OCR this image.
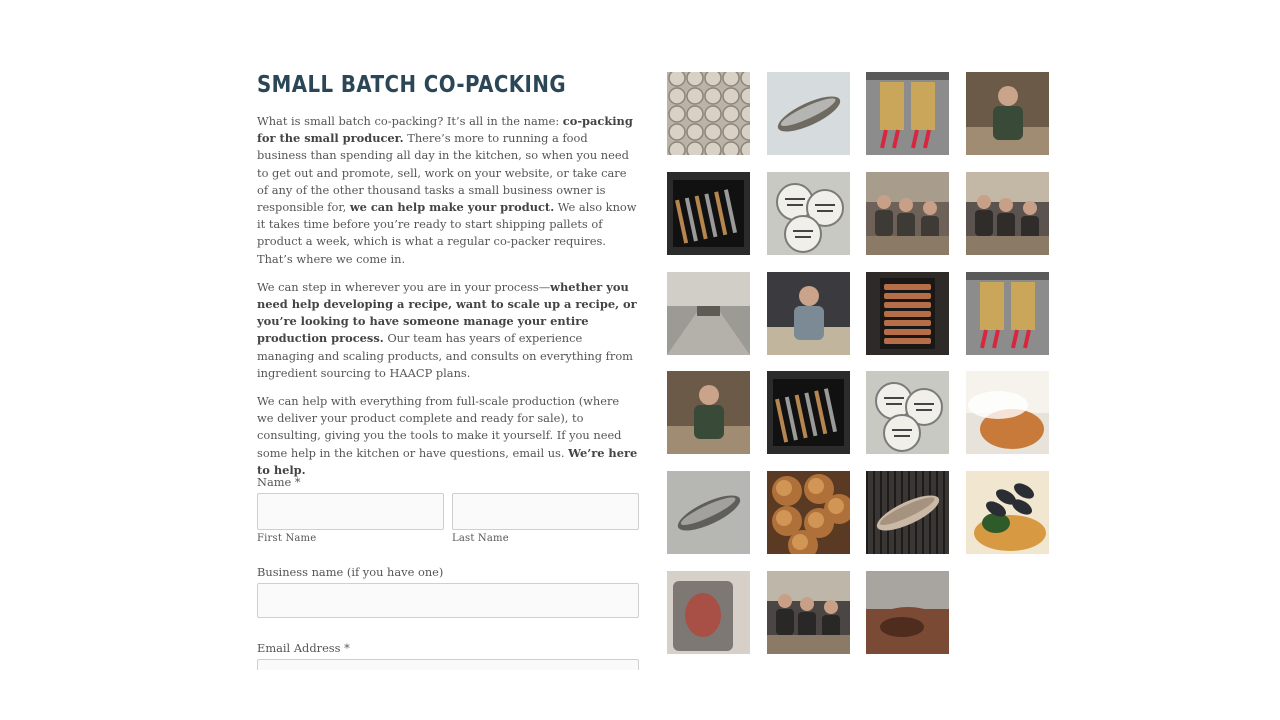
SMALL BATCH CO-PACKING

What is small batch co-packing? It’s all in the name: co-packing for the small producer. There’s more to running a food business than spending all day in the kitchen, so when you need to get out and promote, sell, work on your website, or take care of any of the other thousand tasks a small business owner is responsible for, we can help make your product. We also know it takes time before you’re ready to start shipping pallets of product a week, which is what a regular co-packer requires. That’s where we come in.

We can step in wherever you are in your process—whether you need help developing a recipe, want to scale up a recipe, or you’re looking to have someone manage your entire production process. Our team has years of experience managing and scaling products, and consults on everything from ingredient sourcing to HAACP plans.

We can help with everything from full-scale production (where we deliver your product complete and ready for sale), to consulting, giving you the tools to make it yourself. If you need some help in the kitchen or have questions, email us. We’re here to help.

Name *
First Name	Last Name
Business name (if you have one)
Email Address *
